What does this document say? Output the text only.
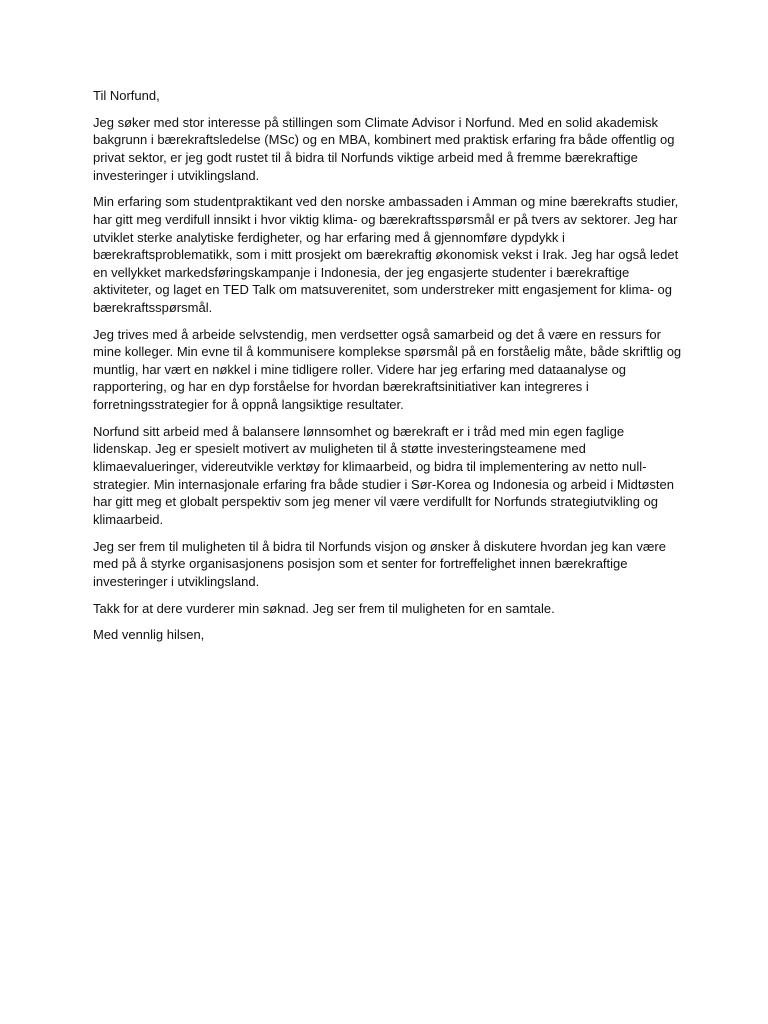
Til Norfund,

Jeg søker med stor interesse på stillingen som Climate Advisor i Norfund. Med en solid akademisk bakgrunn i bærekraftsledelse (MSc) og en MBA, kombinert med praktisk erfaring fra både offentlig og privat sektor, er jeg godt rustet til å bidra til Norfunds viktige arbeid med å fremme bærekraftige investeringer i utviklingsland.

Min erfaring som studentpraktikant ved den norske ambassaden i Amman og mine bærekrafts studier, har gitt meg verdifull innsikt i hvor viktig klima- og bærekraftsspørsmål er på tvers av sektorer. Jeg har utviklet sterke analytiske ferdigheter, og har erfaring med å gjennomføre dypdykk i bærekraftsproblematikk, som i mitt prosjekt om bærekraftig økonomisk vekst i Irak. Jeg har også ledet en vellykket markedsføringskampanje i Indonesia, der jeg engasjerte studenter i bærekraftige aktiviteter, og laget en TED Talk om matsuverenitet, som understreker mitt engasjement for klima- og bærekraftsspørsmål.

Jeg trives med å arbeide selvstendig, men verdsetter også samarbeid og det å være en ressurs for mine kolleger. Min evne til å kommunisere komplekse spørsmål på en forståelig måte, både skriftlig og muntlig, har vært en nøkkel i mine tidligere roller. Videre har jeg erfaring med dataanalyse og rapportering, og har en dyp forståelse for hvordan bærekraftsinitiativer kan integreres i forretningsstrategier for å oppnå langsiktige resultater.

Norfund sitt arbeid med å balansere lønnsomhet og bærekraft er i tråd med min egen faglige lidenskap. Jeg er spesielt motivert av muligheten til å støtte investeringsteamene med klimaevalueringer, videreutvikle verktøy for klimaarbeid, og bidra til implementering av netto null-strategier. Min internasjonale erfaring fra både studier i Sør-Korea og Indonesia og arbeid i Midtøsten har gitt meg et globalt perspektiv som jeg mener vil være verdifullt for Norfunds strategiutvikling og klimaarbeid.

Jeg ser frem til muligheten til å bidra til Norfunds visjon og ønsker å diskutere hvordan jeg kan være med på å styrke organisasjonens posisjon som et senter for fortreffelighet innen bærekraftige investeringer i utviklingsland.

Takk for at dere vurderer min søknad. Jeg ser frem til muligheten for en samtale.

Med vennlig hilsen,
